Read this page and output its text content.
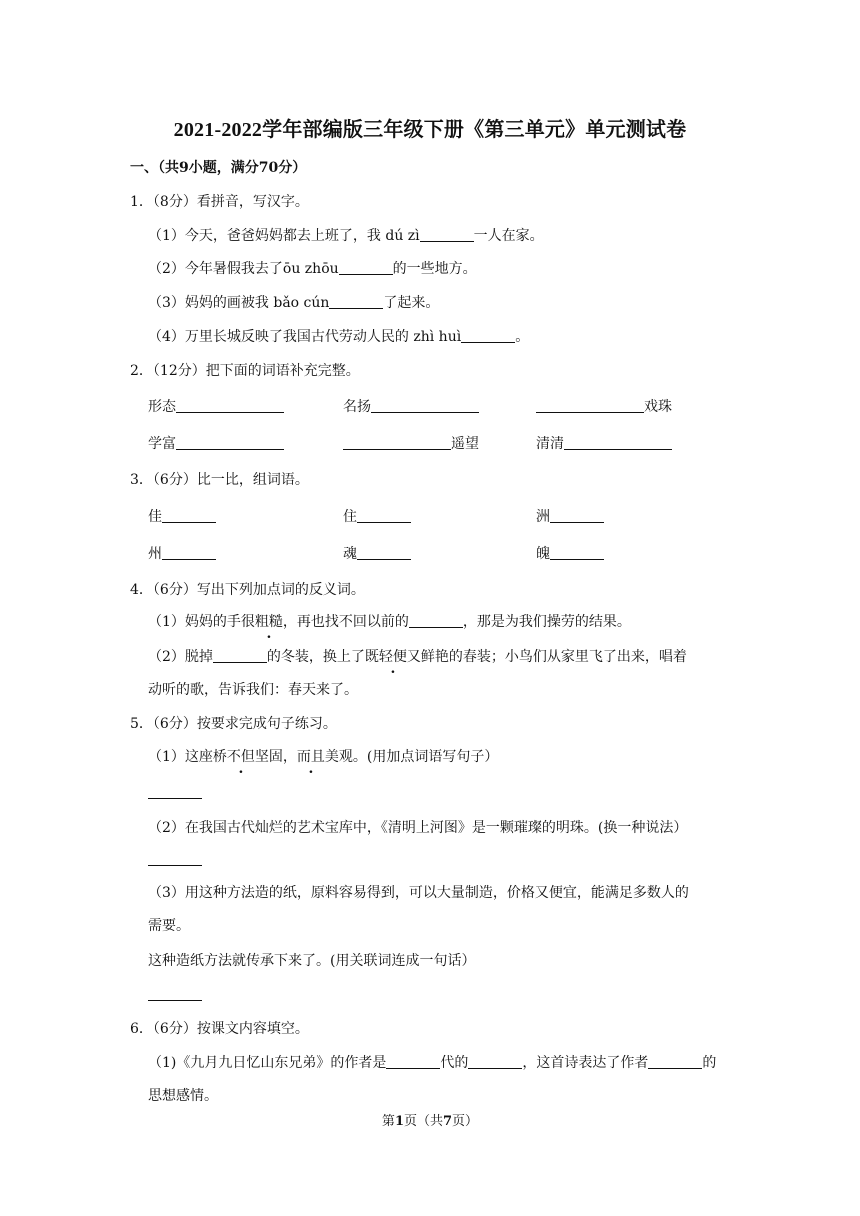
2021-2022学年部编版三年级下册《第三单元》单元测试卷
一、（共9小题，满分70分）
1．（8分）看拼音，写汉字。
（1）今天，爸爸妈妈都去上班了，我 dú zì	一人在家。
（2）今年暑假我去了ōu zhōu	的一些地方。
（3）妈妈的画被我 bǎo cún	了起来。
（4）万里长城反映了我国古代劳动人民的 zhì huì	。
2．（12分）把下面的词语补充完整。
形态	名扬	戏珠
学富	遥望	清清
3．（6分）比一比，组词语。
佳	住	洲
州	魂	魄
4．（6分）写出下列加点词的反义词。
（1）妈妈的手很粗糙，再也找不回以前的	，那是为我们操劳的结果。
（2）脱掉	的冬装，换上了既轻便又鲜艳的春装；小鸟们从家里飞了出来，唱着
动听的歌，告诉我们：春天来了。
5．（6分）按要求完成句子练习。
（1）这座桥不但坚固，而且美观。(用加点词语写句子）
（2）在我国古代灿烂的艺术宝库中，《清明上河图》是一颗璀璨的明珠。(换一种说法）
（3）用这种方法造的纸，原料容易得到，可以大量制造，价格又便宜，能满足多数人的
需要。
这种造纸方法就传承下来了。(用关联词连成一句话）
6．（6分）按课文内容填空。
（1)《九月九日忆山东兄弟》的作者是	代的	，这首诗表达了作者	的
思想感情。
第1页（共7页）
